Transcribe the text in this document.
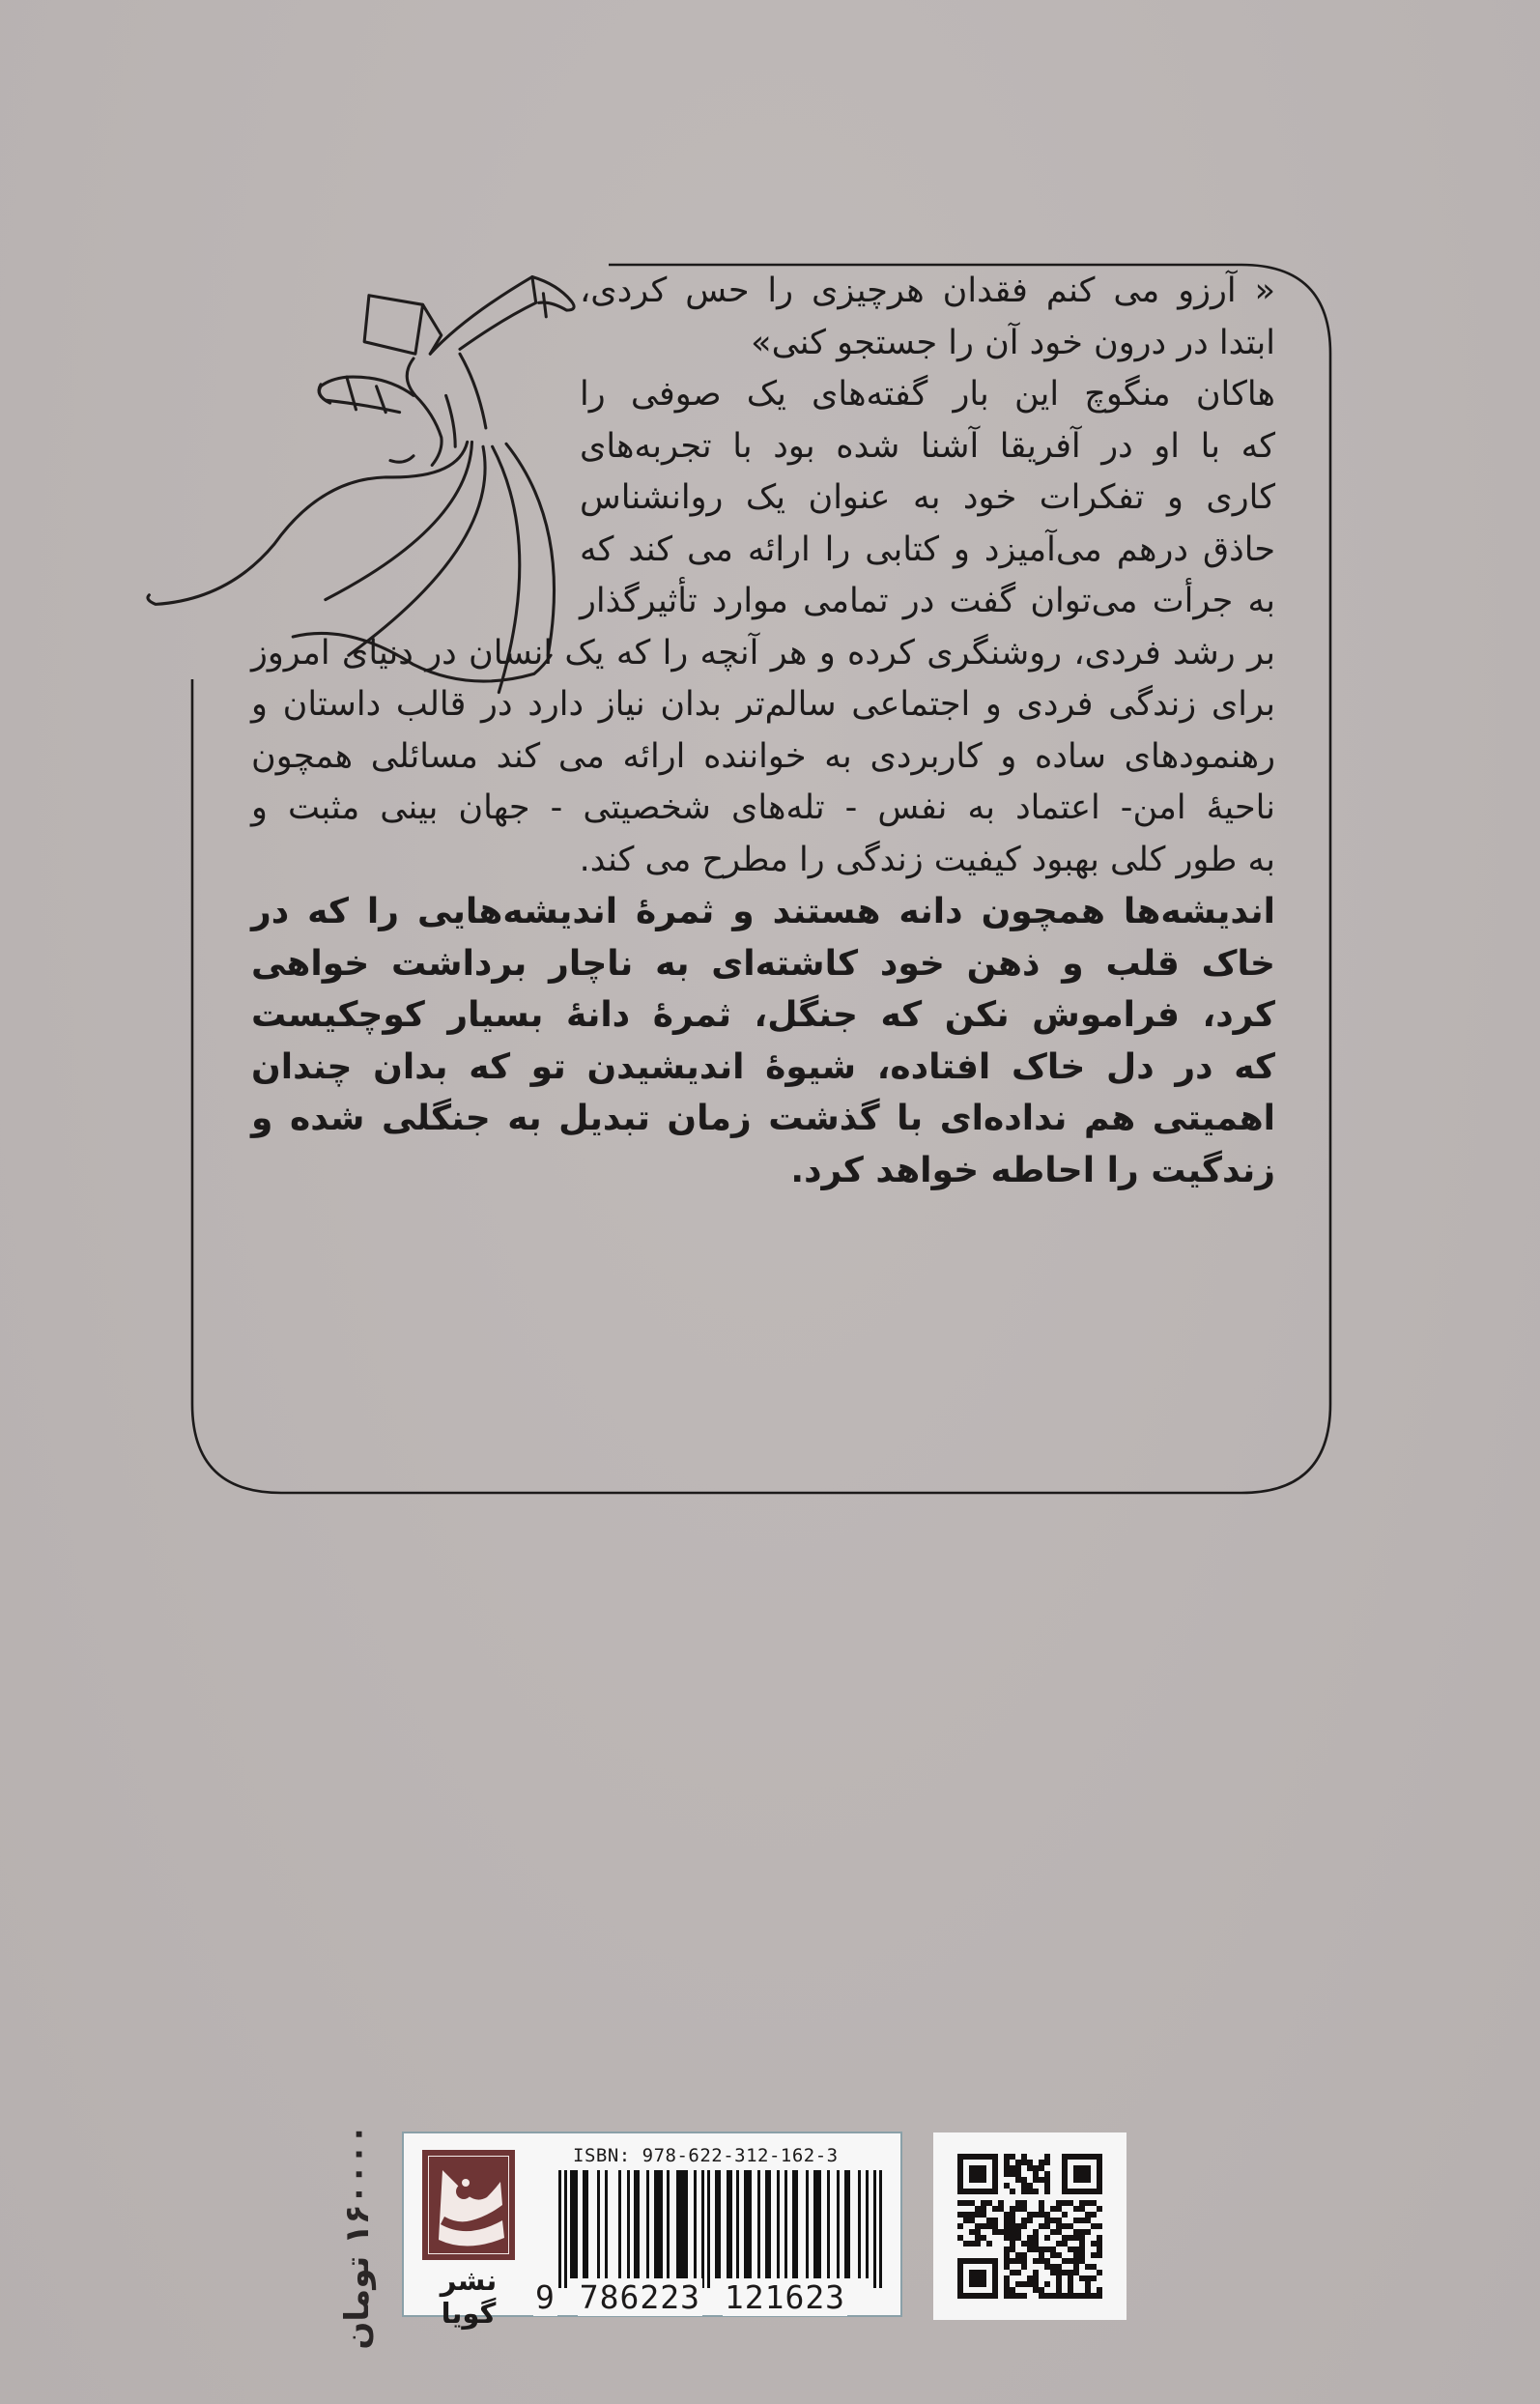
« آرزو می کنم فقدان هرچیزی را حس کردی،
ابتدا در درون خود آن را جستجو کنی»

هاکان منگوچ این بار گفته‌های یک صوفی را
که با او در آفریقا آشنا شده بود با تجربه‌های
کاری و تفکرات خود به عنوان یک روانشناس
حاذق درهم می‌آمیزد و کتابی را ارائه می کند که
به جرأت می‌توان گفت در تمامی موارد تأثیرگذار
بر رشد فردی، روشنگری کرده و هر آنچه را که یک انسان در دنیای امروز
برای زندگی فردی و اجتماعی سالم‌تر بدان نیاز دارد در قالب داستان و
رهنمودهای ساده و کاربردی به خواننده ارائه می کند مسائلی همچون
ناحیهٔ امن- اعتماد به نفس - تله‌های شخصیتی - جهان بینی مثبت و
به طور کلی بهبود کیفیت زندگی را مطرح می کند.

اندیشه‌ها همچون دانه هستند و ثمرهٔ اندیشه‌هایی را که در
خاک قلب و ذهن خود کاشته‌ای به ناچار برداشت خواهی
کرد، فراموش نکن که جنگل، ثمرهٔ دانهٔ بسیار کوچکیست
که در دل خاک افتاده، شیوهٔ اندیشیدن تو که بدان چندان
اهمیتی هم نداده‌ای با گذشت زمان تبدیل به جنگلی شده و
زندگیت را احاطه خواهد کرد.

۱۶۰۰۰۰ تومان
نشر گویا
ISBN: 978-622-312-162-3
9 786223 121623
